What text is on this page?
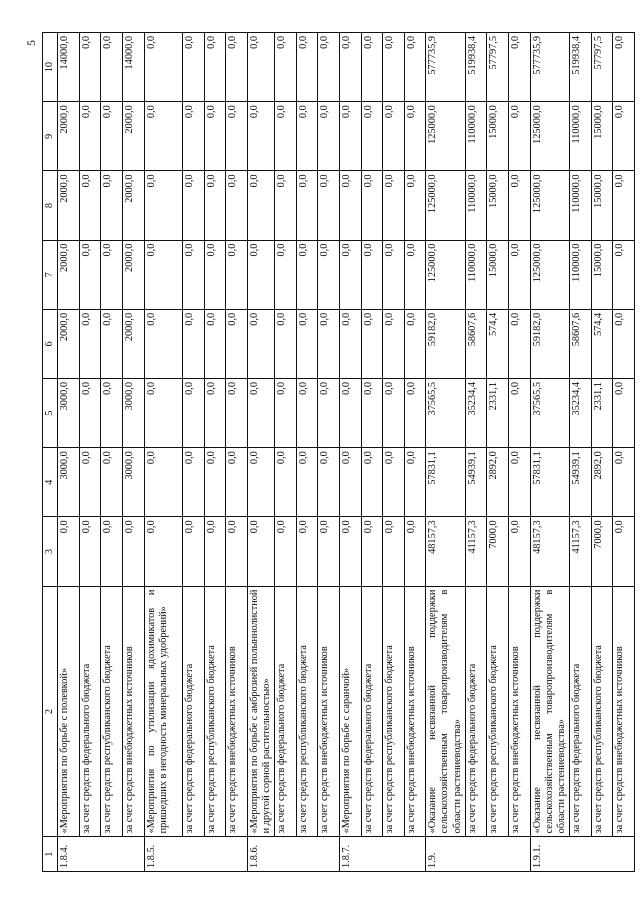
5
1	2	3	4	5	6	7	8	9	10
1.8.4.	«Мероприятия по борьбе с полевкой»	0,0	3000,0	3000,0	2000,0	2000,0	2000,0	2000,0	14000,0
	за счет средств федерального бюджета	0,0	0,0	0,0	0,0	0,0	0,0	0,0	0,0
	за счет средств республиканского бюджета	0,0	0,0	0,0	0,0	0,0	0,0	0,0	0,0
	за счет средств внебюджетных источников	0,0	3000,0	3000,0	2000,0	2000,0	2000,0	2000,0	14000,0
1.8.5.	«Мероприятия по утилизации ядохимикатов и пришедших в негодность минеральных удобрений»	0,0	0,0	0,0	0,0	0,0	0,0	0,0	0,0
	за счет средств федерального бюджета	0,0	0,0	0,0	0,0	0,0	0,0	0,0	0,0
	за счет средств республиканского бюджета	0,0	0,0	0,0	0,0	0,0	0,0	0,0	0,0
	за счет средств внебюджетных источников	0,0	0,0	0,0	0,0	0,0	0,0	0,0	0,0
1.8.6.	«Мероприятия по борьбе с амброзией полыннолистной и другой сорной растительностью»	0,0	0,0	0,0	0,0	0,0	0,0	0,0	0,0
	за счет средств федерального бюджета	0,0	0,0	0,0	0,0	0,0	0,0	0,0	0,0
	за счет средств республиканского бюджета	0,0	0,0	0,0	0,0	0,0	0,0	0,0	0,0
	за счет средств внебюджетных источников	0,0	0,0	0,0	0,0	0,0	0,0	0,0	0,0
1.8.7.	«Мероприятия по борьбе с саранчой»	0,0	0,0	0,0	0,0	0,0	0,0	0,0	0,0
	за счет средств федерального бюджета	0,0	0,0	0,0	0,0	0,0	0,0	0,0	0,0
	за счет средств республиканского бюджета	0,0	0,0	0,0	0,0	0,0	0,0	0,0	0,0
	за счет средств внебюджетных источников	0,0	0,0	0,0	0,0	0,0	0,0	0,0	0,0
1.9.	«Оказание несвязанной поддержки сельскохозяйственным товаропроизводителям в области растениеводства»	48157,3	57831,1	37565,5	59182,0	125000,0	125000,0	125000,0	577735,9
	за счет средств федерального бюджета	41157,3	54939,1	35234,4	58607,6	110000,0	110000,0	110000,0	519938,4
	за счет средств республиканского бюджета	7000,0	2892,0	2331,1	574,4	15000,0	15000,0	15000,0	57797,5
	за счет средств внебюджетных источников	0,0	0,0	0,0	0,0	0,0	0,0	0,0	0,0
1.9.1.	«Оказание несвязанной поддержки сельскохозяйственным товаропроизводителям в области растениеводства»	48157,3	57831,1	37565,5	59182,0	125000,0	125000,0	125000,0	577735,9
	за счет средств федерального бюджета	41157,3	54939,1	35234,4	58607,6	110000,0	110000,0	110000,0	519938,4
	за счет средств республиканского бюджета	7000,0	2892,0	2331,1	574,4	15000,0	15000,0	15000,0	57797,5
	за счет средств внебюджетных источников	0,0	0,0	0,0	0,0	0,0	0,0	0,0	0,0
